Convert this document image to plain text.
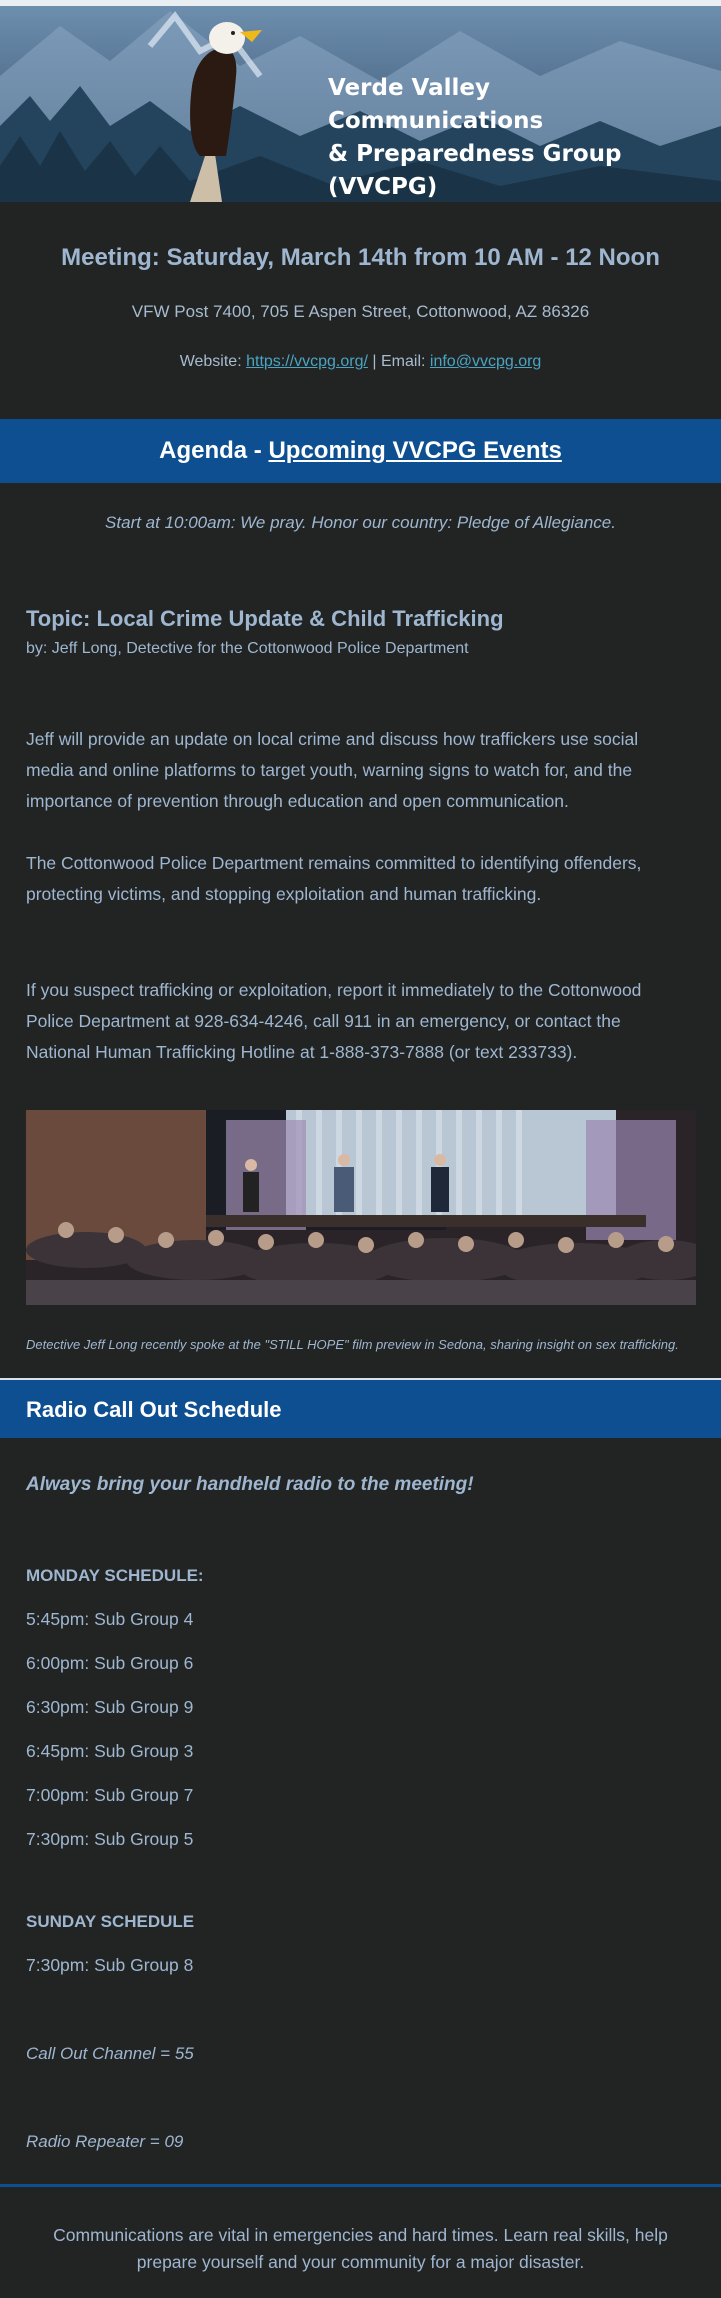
Verde Valley Communications
& Preparedness Group (VVCPG)
Meeting: Saturday, March 14th from 10 AM - 12 Noon
VFW Post 7400, 705 E Aspen Street, Cottonwood, AZ 86326
Website: https://vvcpg.org/ | Email: info@vvcpg.org
Agenda - Upcoming VVCPG Events
Start at 10:00am: We pray. Honor our country: Pledge of Allegiance.
Topic: Local Crime Update & Child Trafficking
by: Jeff Long, Detective for the Cottonwood Police Department
Jeff will provide an update on local crime and discuss how traffickers use social media and online platforms to target youth, warning signs to watch for, and the importance of prevention through education and open communication.
The Cottonwood Police Department remains committed to identifying offenders, protecting victims, and stopping exploitation and human trafficking.
If you suspect trafficking or exploitation, report it immediately to the Cottonwood Police Department at 928-634-4246, call 911 in an emergency, or contact the National Human Trafficking Hotline at 1-888-373-7888 (or text 233733).
Detective Jeff Long recently spoke at the "STILL HOPE" film preview in Sedona, sharing insight on sex trafficking.
Radio Call Out Schedule
Always bring your handheld radio to the meeting!
MONDAY SCHEDULE:
5:45pm: Sub Group 4
6:00pm: Sub Group 6
6:30pm: Sub Group 9
6:45pm: Sub Group 3
7:00pm: Sub Group 7
7:30pm: Sub Group 5
SUNDAY SCHEDULE
7:30pm: Sub Group 8
Call Out Channel = 55
Radio Repeater = 09
Communications are vital in emergencies and hard times. Learn real skills, help prepare yourself and your community for a major disaster.
